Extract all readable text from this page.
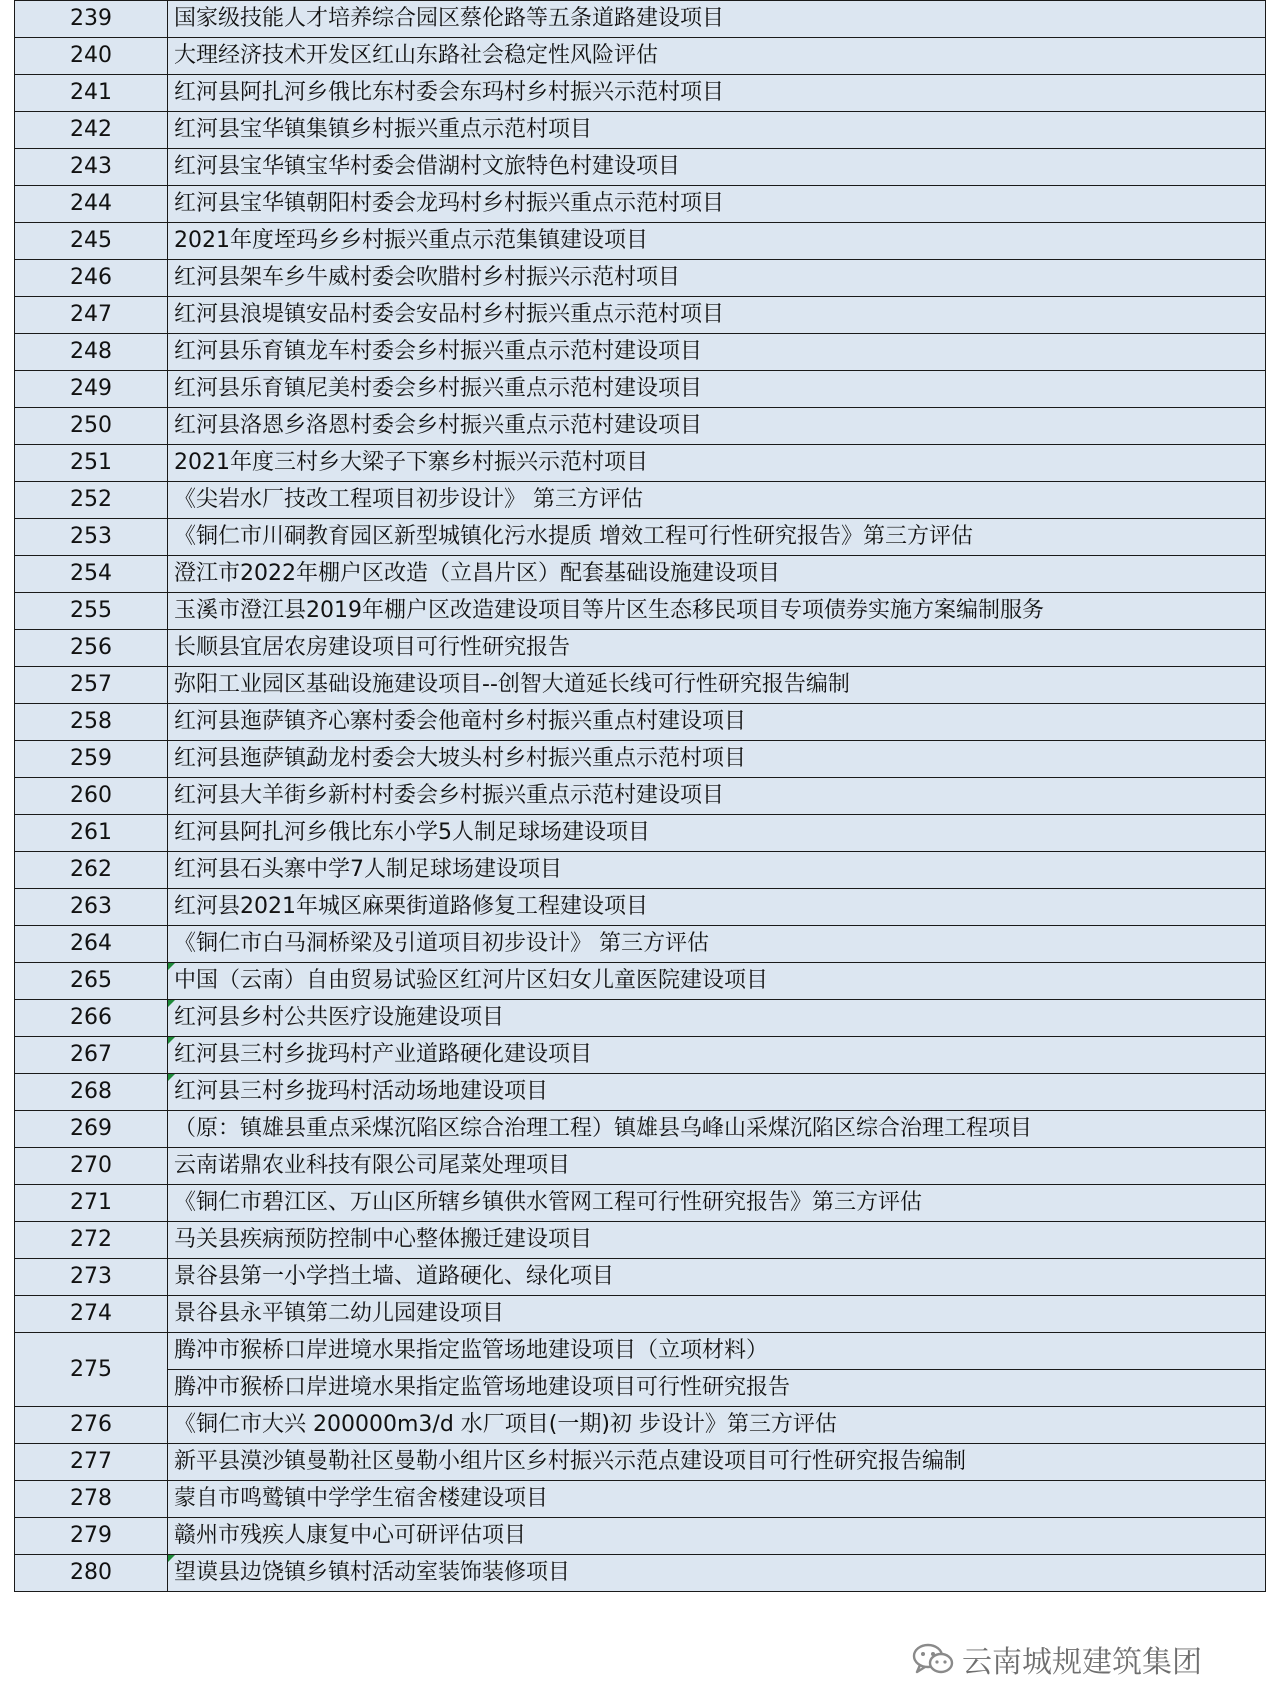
239	国家级技能人才培养综合园区蔡伦路等五条道路建设项目
240	大理经济技术开发区红山东路社会稳定性风险评估
241	红河县阿扎河乡俄比东村委会东玛村乡村振兴示范村项目
242	红河县宝华镇集镇乡村振兴重点示范村项目
243	红河县宝华镇宝华村委会借湖村文旅特色村建设项目
244	红河县宝华镇朝阳村委会龙玛村乡村振兴重点示范村项目
245	2021年度垤玛乡乡村振兴重点示范集镇建设项目
246	红河县架车乡牛威村委会吹腊村乡村振兴示范村项目
247	红河县浪堤镇安品村委会安品村乡村振兴重点示范村项目
248	红河县乐育镇龙车村委会乡村振兴重点示范村建设项目
249	红河县乐育镇尼美村委会乡村振兴重点示范村建设项目
250	红河县洛恩乡洛恩村委会乡村振兴重点示范村建设项目
251	2021年度三村乡大梁子下寨乡村振兴示范村项目
252	《尖岩水厂技改工程项目初步设计》 第三方评估
253	《铜仁市川硐教育园区新型城镇化污水提质 增效工程可行性研究报告》第三方评估
254	澄江市2022年棚户区改造（立昌片区）配套基础设施建设项目
255	玉溪市澄江县2019年棚户区改造建设项目等片区生态移民项目专项债券实施方案编制服务
256	长顺县宜居农房建设项目可行性研究报告
257	弥阳工业园区基础设施建设项目--创智大道延长线可行性研究报告编制
258	红河县迤萨镇齐心寨村委会他竜村乡村振兴重点村建设项目
259	红河县迤萨镇勐龙村委会大坡头村乡村振兴重点示范村项目
260	红河县大羊街乡新村村委会乡村振兴重点示范村建设项目
261	红河县阿扎河乡俄比东小学5人制足球场建设项目
262	红河县石头寨中学7人制足球场建设项目
263	红河县2021年城区麻栗街道路修复工程建设项目
264	《铜仁市白马洞桥梁及引道项目初步设计》 第三方评估
265	中国（云南）自由贸易试验区红河片区妇女儿童医院建设项目
266	红河县乡村公共医疗设施建设项目
267	红河县三村乡拢玛村产业道路硬化建设项目
268	红河县三村乡拢玛村活动场地建设项目
269	（原：镇雄县重点采煤沉陷区综合治理工程）镇雄县乌峰山采煤沉陷区综合治理工程项目
270	云南诺鼎农业科技有限公司尾菜处理项目
271	《铜仁市碧江区、万山区所辖乡镇供水管网工程可行性研究报告》第三方评估
272	马关县疾病预防控制中心整体搬迁建设项目
273	景谷县第一小学挡土墙、道路硬化、绿化项目
274	景谷县永平镇第二幼儿园建设项目
275	腾冲市猴桥口岸进境水果指定监管场地建设项目（立项材料）
	腾冲市猴桥口岸进境水果指定监管场地建设项目可行性研究报告
276	《铜仁市大兴 200000m3/d 水厂项目(一期)初 步设计》第三方评估
277	新平县漠沙镇曼勒社区曼勒小组片区乡村振兴示范点建设项目可行性研究报告编制
278	蒙自市鸣鹫镇中学学生宿舍楼建设项目
279	赣州市残疾人康复中心可研评估项目
280	望谟县边饶镇乡镇村活动室装饰装修项目
云南城规建筑集团
